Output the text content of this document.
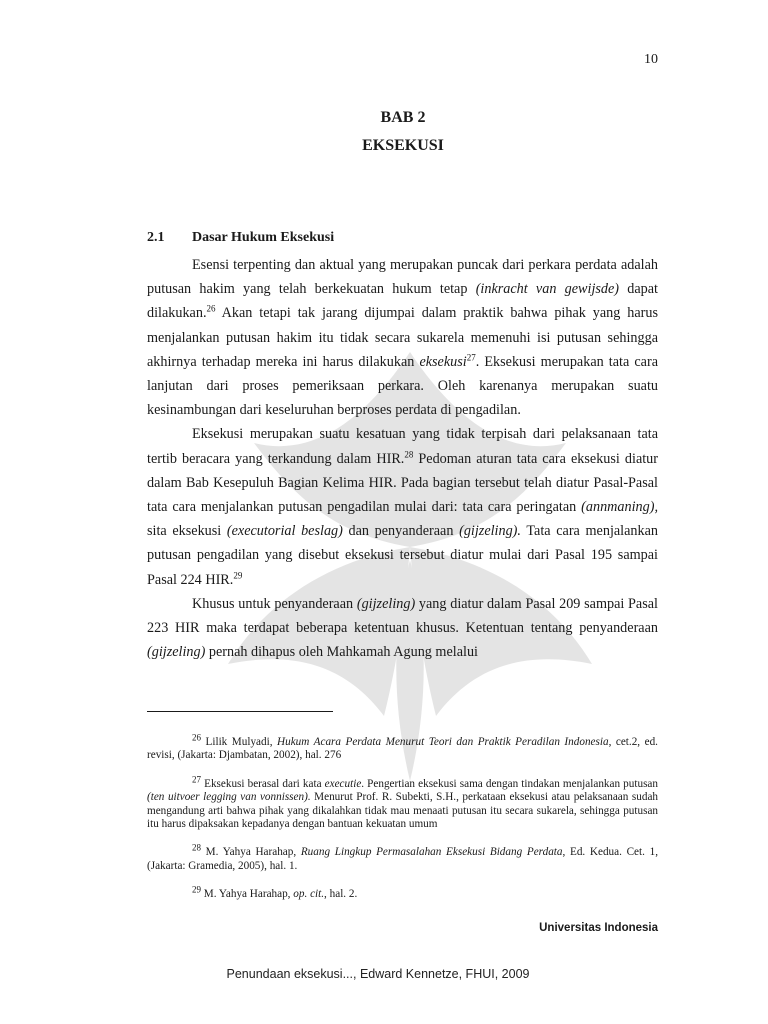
10
BAB 2
EKSEKUSI
2.1 Dasar Hukum Eksekusi

Esensi terpenting dan aktual yang merupakan puncak dari perkara perdata adalah putusan hakim yang telah berkekuatan hukum tetap (inkracht van gewijsde) dapat dilakukan.$^{26}$ Akan tetapi tak jarang dijumpai dalam praktik bahwa pihak yang harus menjalankan putusan hakim itu tidak secara sukarela memenuhi isi putusan sehingga akhirnya terhadap mereka ini harus dilakukan eksekusi$^{27}$. Eksekusi merupakan tata cara lanjutan dari proses pemeriksaan perkara. Oleh karenanya merupakan suatu kesinambungan dari keseluruhan berproses perdata di pengadilan.

Eksekusi merupakan suatu kesatuan yang tidak terpisah dari pelaksanaan tata tertib beracara yang terkandung dalam HIR.$^{28}$ Pedoman aturan tata cara eksekusi diatur dalam Bab Kesepuluh Bagian Kelima HIR. Pada bagian tersebut telah diatur Pasal-Pasal tata cara menjalankan putusan pengadilan mulai dari: tata cara peringatan (annmaning), sita eksekusi (executorial beslag) dan penyanderaan (gijzeling). Tata cara menjalankan putusan pengadilan yang disebut eksekusi tersebut diatur mulai dari Pasal 195 sampai Pasal 224 HIR.$^{29}$

Khusus untuk penyanderaan (gijzeling) yang diatur dalam Pasal 209 sampai Pasal 223 HIR maka terdapat beberapa ketentuan khusus. Ketentuan tentang penyanderaan (gijzeling) pernah dihapus oleh Mahkamah Agung melalui

$^{26}$ Lilik Mulyadi, Hukum Acara Perdata Menurut Teori dan Praktik Peradilan Indonesia, cet.2, ed. revisi, (Jakarta: Djambatan, 2002), hal. 276

$^{27}$ Eksekusi berasal dari kata executie. Pengertian eksekusi sama dengan tindakan menjalankan putusan (ten uitvoer legging van vonnissen). Menurut Prof. R. Subekti, S.H., perkataan eksekusi atau pelaksanaan sudah mengandung arti bahwa pihak yang dikalahkan tidak mau menaati putusan itu secara sukarela, sehingga putusan itu harus dipaksakan kepadanya dengan bantuan kekuatan umum

$^{28}$ M. Yahya Harahap, Ruang Lingkup Permasalahan Eksekusi Bidang Perdata, Ed. Kedua. Cet. 1, (Jakarta: Gramedia, 2005), hal. 1.

$^{29}$ M. Yahya Harahap, op. cit., hal. 2.

Universitas Indonesia
Penundaan eksekusi..., Edward Kennetze, FHUI, 2009
